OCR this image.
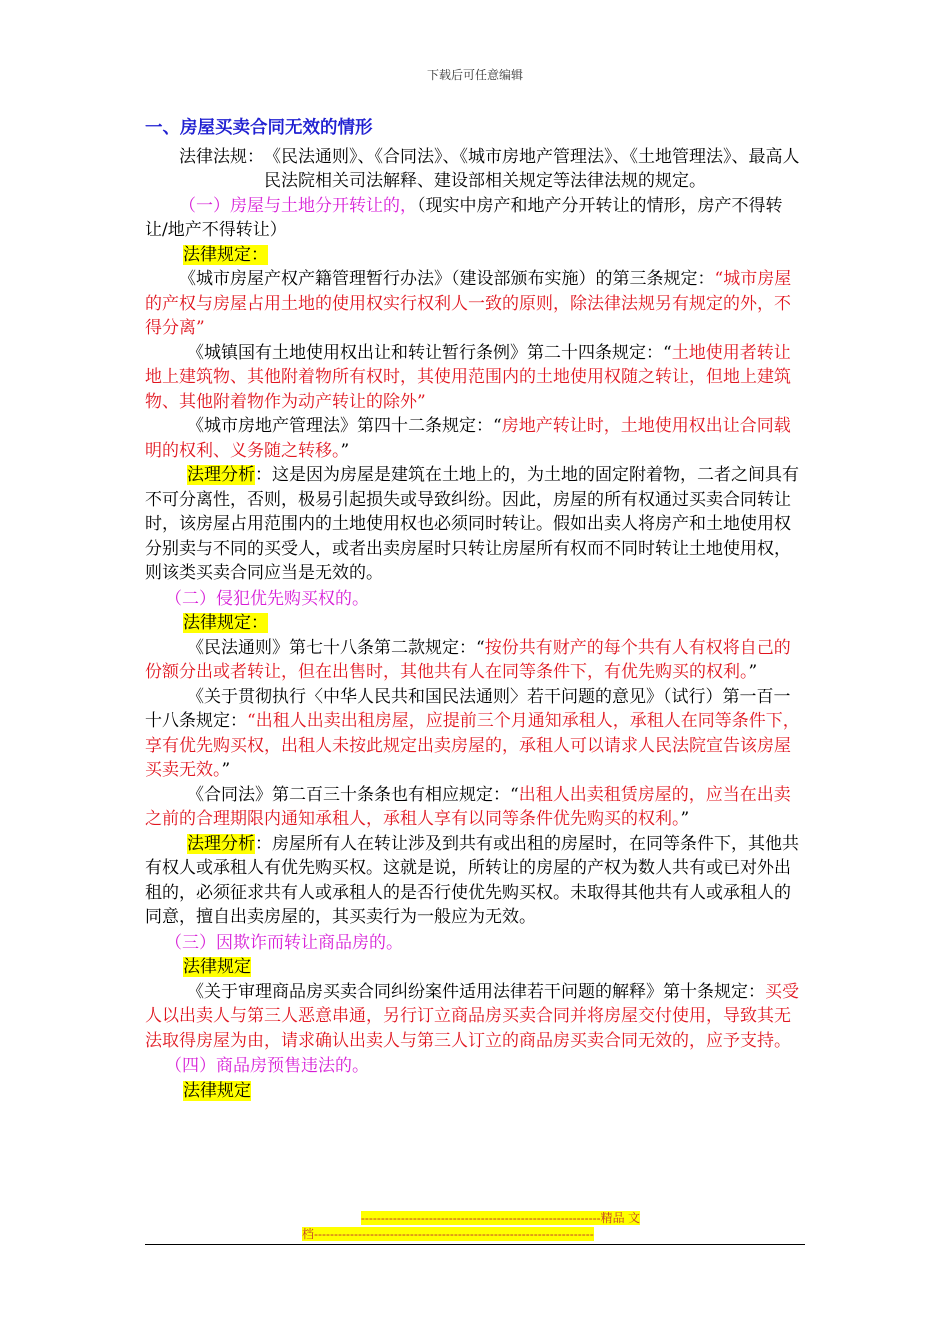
下载后可任意编辑

一、房屋买卖合同无效的情形

法律法规： 《民法通则》、《合同法》、《城市房地产管理法》、《土地管理法》、最高人民法院相关司法解释、建设部相关规定等法律法规的规定。

（一）房屋与土地分开转让的，（现实中房产和地产分开转让的情形，房产不得转让/地产不得转让）

法律规定：

《城市房屋产权产籍管理暂行办法》（建设部颁布实施）的第三条规定：“城市房屋的产权与房屋占用土地的使用权实行权利人一致的原则，除法律法规另有规定的外，不得分离”

《城镇国有土地使用权出让和转让暂行条例》第二十四条规定：“土地使用者转让地上建筑物、其他附着物所有权时，其使用范围内的土地使用权随之转让，但地上建筑物、其他附着物作为动产转让的除外”

《城市房地产管理法》第四十二条规定：“房地产转让时，土地使用权出让合同载明的权利、义务随之转移。”

法理分析：这是因为房屋是建筑在土地上的，为土地的固定附着物，二者之间具有不可分离性，否则，极易引起损失或导致纠纷。因此，房屋的所有权通过买卖合同转让时，该房屋占用范围内的土地使用权也必须同时转让。假如出卖人将房产和土地使用权分别卖与不同的买受人，或者出卖房屋时只转让房屋所有权而不同时转让土地使用权，则该类买卖合同应当是无效的。

（二）侵犯优先购买权的。

法律规定：

《民法通则》第七十八条第二款规定：“按份共有财产的每个共有人有权将自己的份额分出或者转让，但在出售时，其他共有人在同等条件下，有优先购买的权利。”

《关于贯彻执行〈中华人民共和国民法通则〉若干问题的意见》（试行）第一百一十八条规定：“出租人出卖出租房屋，应提前三个月通知承租人，承租人在同等条件下，享有优先购买权，出租人未按此规定出卖房屋的，承租人可以请求人民法院宣告该房屋买卖无效。”

《合同法》第二百三十条条也有相应规定：“出租人出卖租赁房屋的，应当在出卖之前的合理期限内通知承租人，承租人享有以同等条件优先购买的权利。”

法理分析：房屋所有人在转让涉及到共有或出租的房屋时，在同等条件下，其他共有权人或承租人有优先购买权。这就是说，所转让的房屋的产权为数人共有或已对外出租的，必须征求共有人或承租人的是否行使优先购买权。未取得其他共有人或承租人的同意，擅自出卖房屋的，其买卖行为一般应为无效。

（三）因欺诈而转让商品房的。

法律规定

《关于审理商品房买卖合同纠纷案件适用法律若干问题的解释》第十条规定：买受人以出卖人与第三人恶意串通，另行订立商品房买卖合同并将房屋交付使用，导致其无法取得房屋为由，请求确认出卖人与第三人订立的商品房买卖合同无效的，应予支持。

（四）商品房预售违法的。

法律规定

------------------------------------------------------------精品 文
档----------------------------------------------------------------------
